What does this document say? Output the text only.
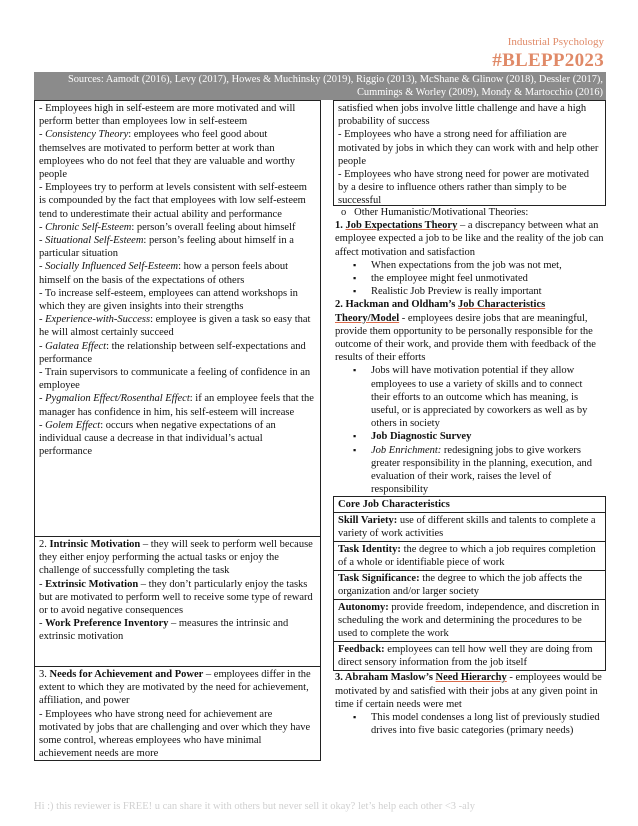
Industrial Psychology
#BLEPP2023
Sources: Aamodt (2016), Levy (2017), Howes & Muchinsky (2019), Riggio (2013), McShane & Glinow (2018), Dessler (2017), Cummings & Worley (2009), Mondy & Martocchio (2016)

- Employees high in self-esteem are more motivated and will perform better than employees low in self-esteem

- Consistency Theory: employees who feel good about themselves are motivated to perform better at work than employees who do not feel that they are valuable and worthy people

- Employees try to perform at levels consistent with self-esteem is compounded by the fact that employees with low self-esteem tend to underestimate their actual ability and performance

- Chronic Self-Esteem: person’s overall feeling about himself

- Situational Self-Esteem: person’s feeling about himself in a particular situation

- Socially Influenced Self-Esteem: how a person feels about himself on the basis of the expectations of others

- To increase self-esteem, employees can attend workshops in which they are given insights into their strengths

- Experience-with-Success: employee is given a task so easy that he will almost certainly succeed

- Galatea Effect: the relationship between self-expectations and performance

- Train supervisors to communicate a feeling of confidence in an employee

- Pygmalion Effect/Rosenthal Effect: if an employee feels that the manager has confidence in him, his self-esteem will increase

- Golem Effect: occurs when negative expectations of an individual cause a decrease in that individual’s actual performance

2. Intrinsic Motivation – they will seek to perform well because they either enjoy performing the actual tasks or enjoy the challenge of successfully completing the task

- Extrinsic Motivation – they don’t particularly enjoy the tasks but are motivated to perform well to receive some type of reward or to avoid negative consequences

- Work Preference Inventory – measures the intrinsic and extrinsic motivation

3. Needs for Achievement and Power – employees differ in the extent to which they are motivated by the need for achievement, affiliation, and power

- Employees who have strong need for achievement are motivated by jobs that are challenging and over which they have some control, whereas employees who have minimal achievement needs are more

satisfied when jobs involve little challenge and have a high probability of success

- Employees who have a strong need for affiliation are motivated by jobs in which they can work with and help other people

- Employees who have strong need for power are motivated by a desire to influence others rather than simply to be successful

o   Other Humanistic/Motivational Theories:

1. Job Expectations Theory – a discrepancy between what an employee expected a job to be like and the reality of the job can affect motivation and satisfaction

▪ When expectations from the job was not met,
▪ the employee might feel unmotivated
▪ Realistic Job Preview is really important

2. Hackman and Oldham’s Job Characteristics Theory/Model - employees desire jobs that are meaningful, provide them opportunity to be personally responsible for the outcome of their work, and provide them with feedback of the results of their efforts

▪ Jobs will have motivation potential if they allow employees to use a variety of skills and to connect their efforts to an outcome which has meaning, is useful, or is appreciated by coworkers as well as by others in society
▪ Job Diagnostic Survey
▪ Job Enrichment: redesigning jobs to give workers greater responsibility in the planning, execution, and evaluation of their work, raises the level of responsibility
Core Job Characteristics
Skill Variety: use of different skills and talents to complete a variety of work activities
Task Identity: the degree to which a job requires completion of a whole or identifiable piece of work
Task Significance: the degree to which the job affects the organization and/or larger society
Autonomy: provide freedom, independence, and discretion in scheduling the work and determining the procedures to be used to complete the work
Feedback: employees can tell how well they are doing from direct sensory information from the job itself

3. Abraham Maslow’s Need Hierarchy - employees would be motivated by and satisfied with their jobs at any given point in time if certain needs were met

▪ This model condenses a long list of previously studied drives into five basic categories (primary needs)
Hi :) this reviewer is FREE! u can share it with others but never sell it okay? let’s help each other <3 -aly
